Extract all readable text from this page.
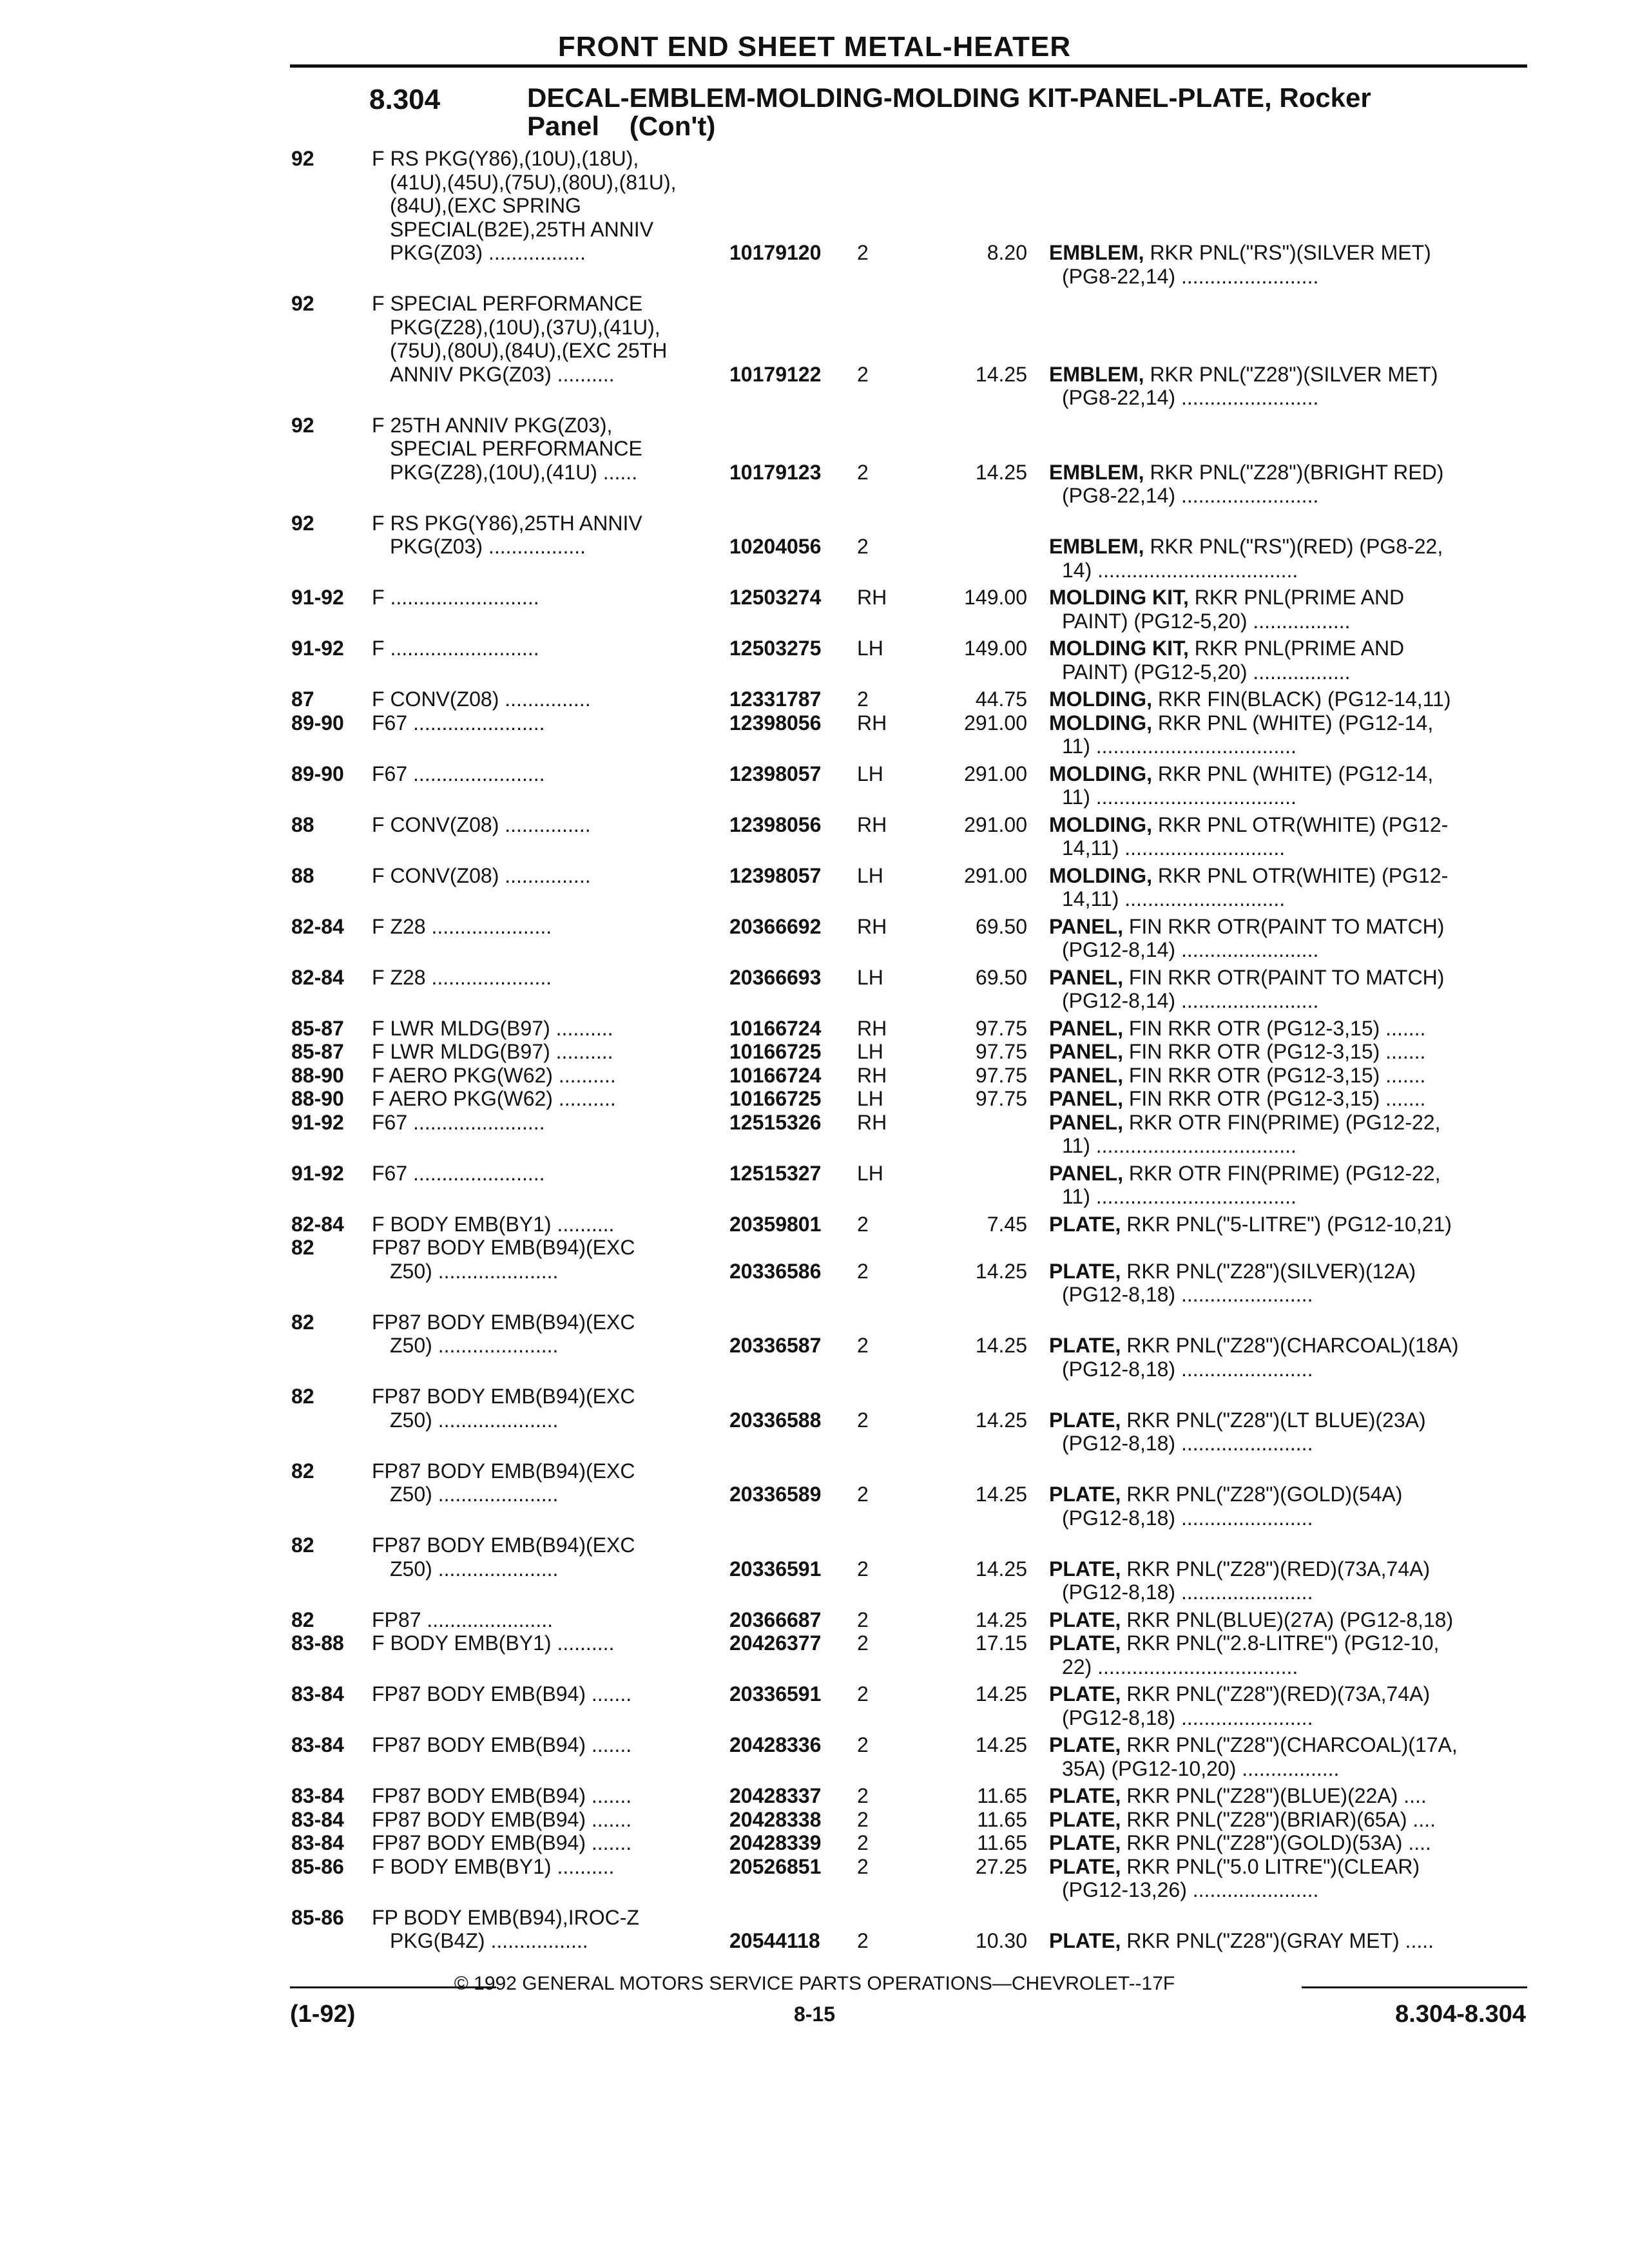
FRONT END SHEET METAL-HEATER
8.304	DECAL-EMBLEM-MOLDING-MOLDING KIT-PANEL-PLATE, Rocker
Panel    (Con't)
92	F RS PKG(Y86),(10U),(18U),
(41U),(45U),(75U),(80U),(81U),
(84U),(EXC SPRING
SPECIAL(B2E),25TH ANNIV
PKG(Z03) .................	10179120 2	8.20 EMBLEM, RKR PNL("RS")(SILVER MET)
(PG8-22,14) ........................
92	F SPECIAL PERFORMANCE
PKG(Z28),(10U),(37U),(41U),
(75U),(80U),(84U),(EXC 25TH
ANNIV PKG(Z03) ..........	10179122 2	14.25 EMBLEM, RKR PNL("Z28")(SILVER MET)
(PG8-22,14) ........................
92	F 25TH ANNIV PKG(Z03),
SPECIAL PERFORMANCE
PKG(Z28),(10U),(41U) ......	10179123 2	14.25 EMBLEM, RKR PNL("Z28")(BRIGHT RED)
(PG8-22,14) ........................
92	F RS PKG(Y86),25TH ANNIV
PKG(Z03) .................	10204056 2	EMBLEM, RKR PNL("RS")(RED) (PG8-22,
14) ...................................
91-92 F ..........................	12503274 RH	149.00 MOLDING KIT, RKR PNL(PRIME AND
PAINT) (PG12-5,20) .................
91-92 F ..........................	12503275 LH	149.00 MOLDING KIT, RKR PNL(PRIME AND
PAINT) (PG12-5,20) .................
87	F CONV(Z08) ...............	12331787 2	44.75 MOLDING, RKR FIN(BLACK) (PG12-14,11)
89-90 F67 .......................	12398056 RH	291.00 MOLDING, RKR PNL (WHITE) (PG12-14,
11) ...................................
89-90 F67 .......................	12398057 LH	291.00 MOLDING, RKR PNL (WHITE) (PG12-14,
11) ...................................
88	F CONV(Z08) ...............	12398056 RH	291.00 MOLDING, RKR PNL OTR(WHITE) (PG12-
14,11) ............................
88	F CONV(Z08) ...............	12398057 LH	291.00 MOLDING, RKR PNL OTR(WHITE) (PG12-
14,11) ............................
82-84 F Z28 .....................	20366692 RH	69.50 PANEL, FIN RKR OTR(PAINT TO MATCH)
(PG12-8,14) ........................
82-84 F Z28 .....................	20366693 LH	69.50 PANEL, FIN RKR OTR(PAINT TO MATCH)
(PG12-8,14) ........................
85-87 F LWR MLDG(B97) ..........	10166724 RH	97.75 PANEL, FIN RKR OTR (PG12-3,15) .......
85-87 F LWR MLDG(B97) ..........	10166725 LH	97.75 PANEL, FIN RKR OTR (PG12-3,15) .......
88-90 F AERO PKG(W62) ..........	10166724 RH	97.75 PANEL, FIN RKR OTR (PG12-3,15) .......
88-90 F AERO PKG(W62) ..........	10166725 LH	97.75 PANEL, FIN RKR OTR (PG12-3,15) .......
91-92 F67 .......................	12515326 RH	PANEL, RKR OTR FIN(PRIME) (PG12-22,
11) ...................................
91-92 F67 .......................	12515327 LH	PANEL, RKR OTR FIN(PRIME) (PG12-22,
11) ...................................
82-84 F BODY EMB(BY1) ..........	20359801 2	7.45 PLATE, RKR PNL("5-LITRE") (PG12-10,21)
82	FP87 BODY EMB(B94)(EXC
Z50) .....................	20336586 2	14.25 PLATE, RKR PNL("Z28")(SILVER)(12A)
(PG12-8,18) .......................
82	FP87 BODY EMB(B94)(EXC
Z50) .....................	20336587 2	14.25 PLATE, RKR PNL("Z28")(CHARCOAL)(18A)
(PG12-8,18) .......................
82	FP87 BODY EMB(B94)(EXC
Z50) .....................	20336588 2	14.25 PLATE, RKR PNL("Z28")(LT BLUE)(23A)
(PG12-8,18) .......................
82	FP87 BODY EMB(B94)(EXC
Z50) .....................	20336589 2	14.25 PLATE, RKR PNL("Z28")(GOLD)(54A)
(PG12-8,18) .......................
82	FP87 BODY EMB(B94)(EXC
Z50) .....................	20336591 2	14.25 PLATE, RKR PNL("Z28")(RED)(73A,74A)
(PG12-8,18) .......................
82	FP87 ......................	20366687 2	14.25 PLATE, RKR PNL(BLUE)(27A) (PG12-8,18)
83-88 F BODY EMB(BY1) ..........	20426377 2	17.15 PLATE, RKR PNL("2.8-LITRE") (PG12-10,
22) ...................................
83-84 FP87 BODY EMB(B94) .......	20336591 2	14.25 PLATE, RKR PNL("Z28")(RED)(73A,74A)
(PG12-8,18) .......................
83-84 FP87 BODY EMB(B94) .......	20428336 2	14.25 PLATE, RKR PNL("Z28")(CHARCOAL)(17A,
35A) (PG12-10,20) .................
83-84 FP87 BODY EMB(B94) .......	20428337 2	11.65 PLATE, RKR PNL("Z28")(BLUE)(22A) ....
83-84 FP87 BODY EMB(B94) .......	20428338 2	11.65 PLATE, RKR PNL("Z28")(BRIAR)(65A) ....
83-84 FP87 BODY EMB(B94) .......	20428339 2	11.65 PLATE, RKR PNL("Z28")(GOLD)(53A) ....
85-86 F BODY EMB(BY1) ..........	20526851 2	27.25 PLATE, RKR PNL("5.0 LITRE")(CLEAR)
(PG12-13,26) ......................
85-86 FP BODY EMB(B94),IROC-Z
PKG(B4Z) .................	20544118 2	10.30 PLATE, RKR PNL("Z28")(GRAY MET) .....
© 1992 GENERAL MOTORS SERVICE PARTS OPERATIONS—CHEVROLET--17F
(1-92)	8-15	8.304-8.304
